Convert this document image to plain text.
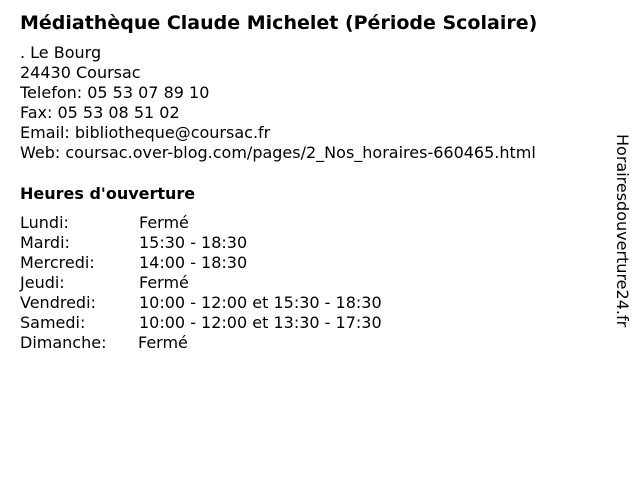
Médiathèque Claude Michelet (Période Scolaire)
. Le Bourg
24430 Coursac
Telefon: 05 53 07 89 10
Fax: 05 53 08 51 02
Email: bibliotheque@coursac.fr
Web: coursac.over-blog.com/pages/2_Nos_horaires-660465.html
Heures d'ouverture
Lundi:	Fermé
Mardi:	15:30 - 18:30
Mercredi:	14:00 - 18:30
Jeudi:	Fermé
Vendredi:	10:00 - 12:00 et 15:30 - 18:30
Samedi:	10:00 - 12:00 et 13:30 - 17:30
Dimanche: Fermé
Horairesdouverture24.fr
